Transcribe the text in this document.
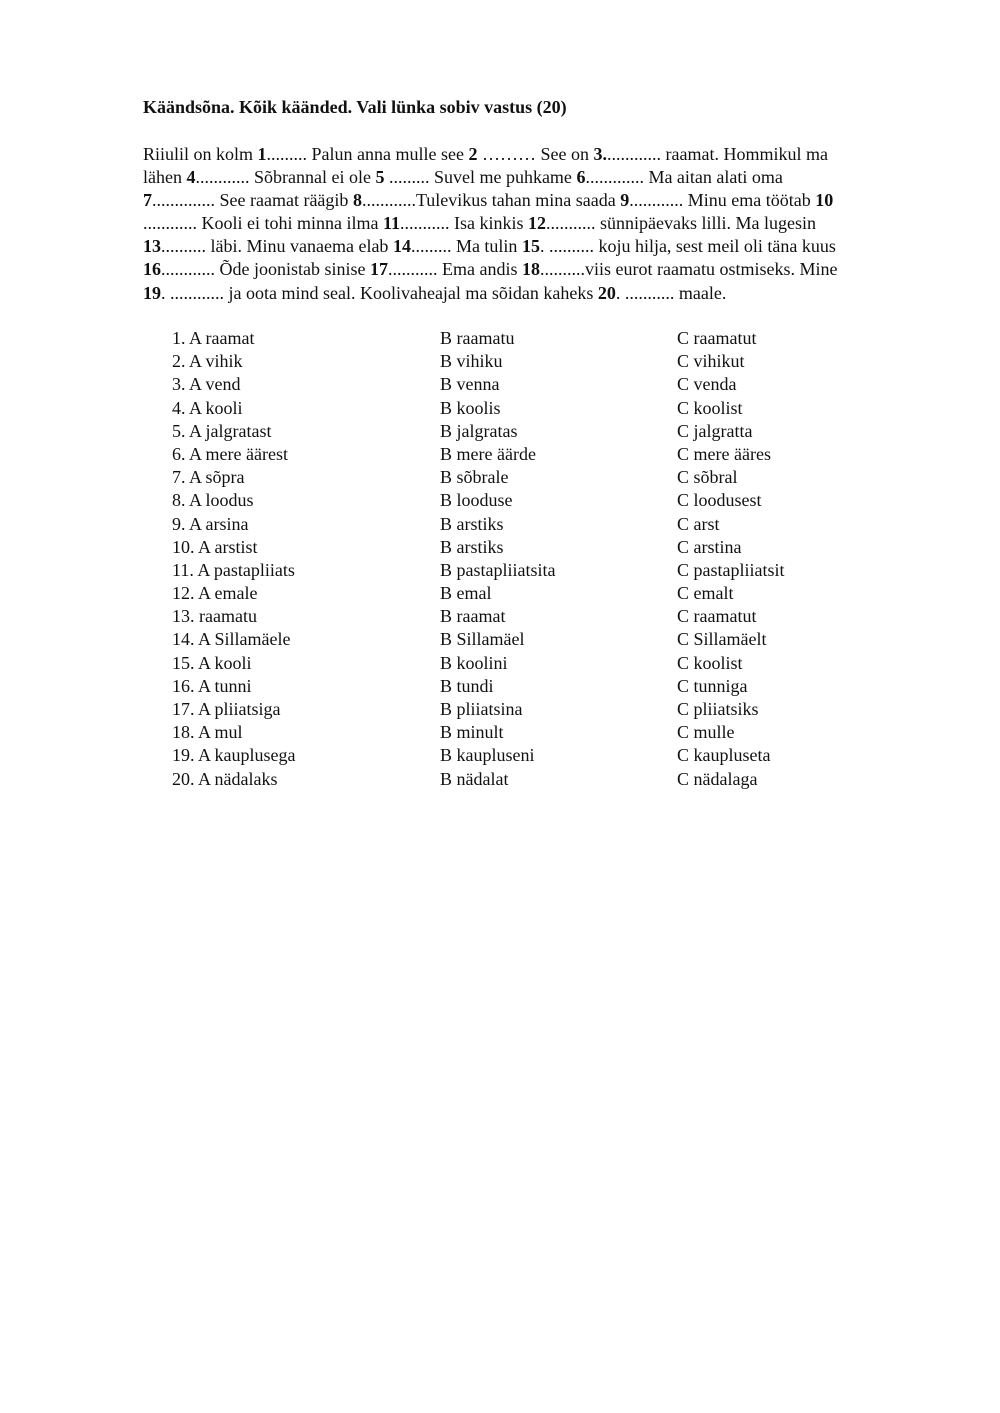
Käändsõna. Kõik käänded. Vali lünka sobiv vastus (20)
Riiulil on kolm 1......... Palun anna mulle see 2 ……… See on 3............. raamat. Hommikul ma
lähen 4............ Sõbrannal ei ole 5 ......... Suvel me puhkame 6............. Ma aitan alati oma
7.............. See raamat räägib 8............Tulevikus tahan mina saada 9............ Minu ema töötab 10
............ Kooli ei tohi minna ilma 11........... Isa kinkis 12........... sünnipäevaks lilli. Ma lugesin
13.......... läbi. Minu vanaema elab 14......... Ma tulin 15. .......... koju hilja, sest meil oli täna kuus
16............ Õde joonistab sinise 17........... Ema andis 18..........viis eurot raamatu ostmiseks. Mine
19. ............ ja oota mind seal. Koolivaheajal ma sõidan kaheks 20. ........... maale.
1. A raamat	B raamatu	C raamatut
2. A vihik	B vihiku	C vihikut
3. A vend	B venna	C venda
4. A kooli	B koolis	C koolist
5. A jalgratast	B jalgratas	C jalgratta
6. A mere äärest	B mere äärde	C mere ääres
7. A sõpra	B sõbrale	C sõbral
8. A loodus	B looduse	C loodusest
9. A arsina	B arstiks	C arst
10. A arstist	B arstiks	C arstina
11. A pastapliiats	B pastapliiatsita	C pastapliiatsit
12. A emale	B emal	C emalt
13. raamatu	B raamat	C raamatut
14. A Sillamäele	B Sillamäel	C Sillamäelt
15. A kooli	B koolini	C koolist
16. A tunni	B tundi	C tunniga
17. A pliiatsiga	B pliiatsina	C pliiatsiks
18. A mul	B minult	C mulle
19. A kauplusega	B kaupluseni	C kaupluseta
20. A nädalaks	B nädalat	C nädalaga
